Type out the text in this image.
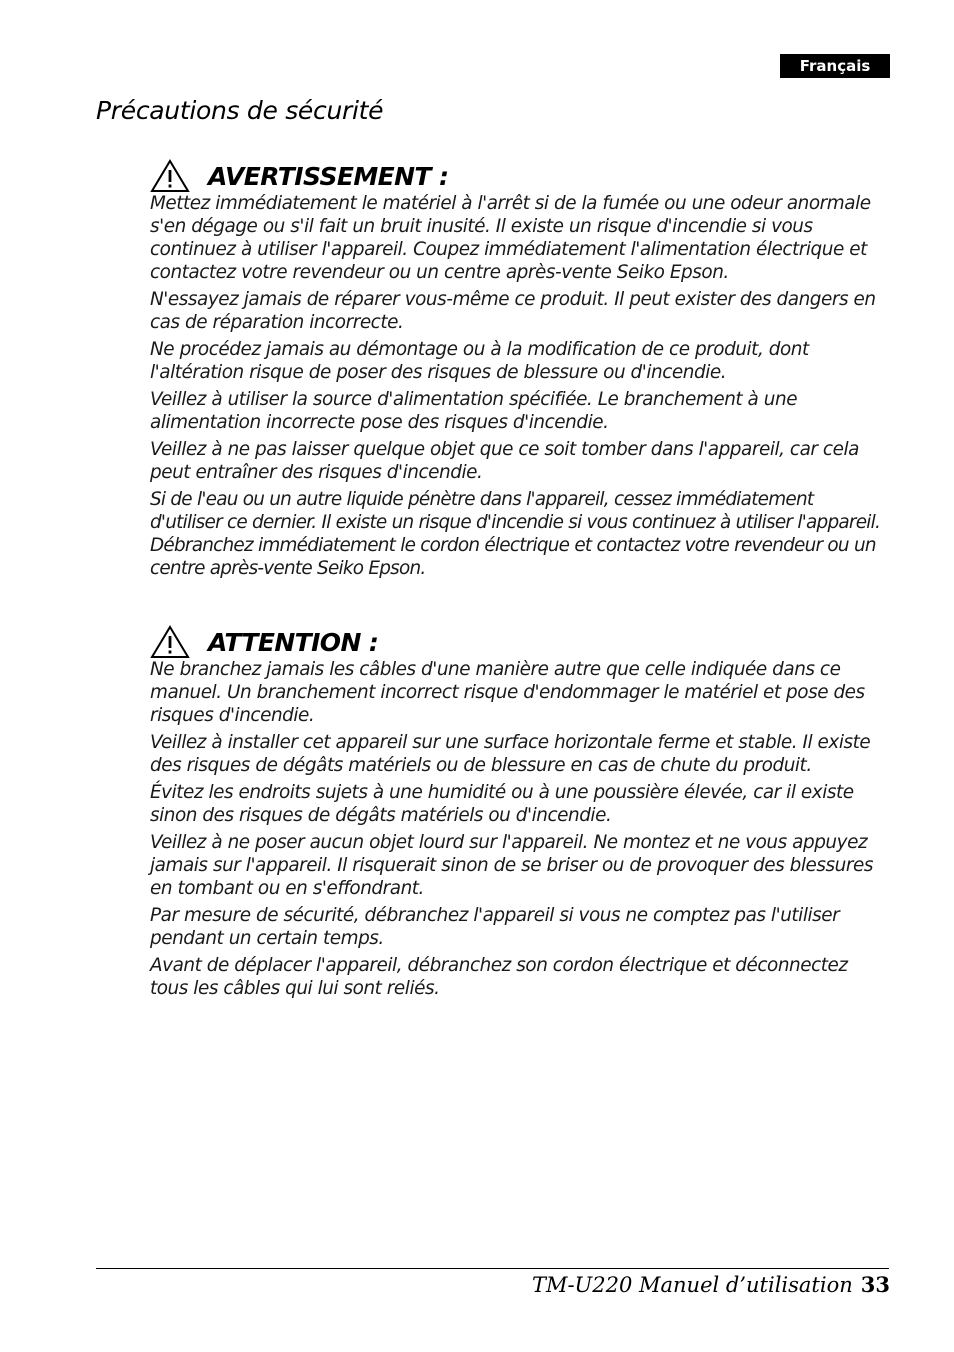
Français
Précautions de sécurité
AVERTISSEMENT :

Mettez immédiatement le matériel à l'arrêt si de la fumée ou une odeur anormale s'en dégage ou s'il fait un bruit inusité. Il existe un risque d'incendie si vous continuez à utiliser l'appareil. Coupez immédiatement l'alimentation électrique et contactez votre revendeur ou un centre après-vente Seiko Epson.

N'essayez jamais de réparer vous-même ce produit. Il peut exister des dangers en cas de réparation incorrecte.

Ne procédez jamais au démontage ou à la modification de ce produit, dont l'altération risque de poser des risques de blessure ou d'incendie.

Veillez à utiliser la source d'alimentation spécifiée. Le branchement à une alimentation incorrecte pose des risques d'incendie.

Veillez à ne pas laisser quelque objet que ce soit tomber dans l'appareil, car cela peut entraîner des risques d'incendie.

Si de l'eau ou un autre liquide pénètre dans l'appareil, cessez immédiatement d'utiliser ce dernier. Il existe un risque d'incendie si vous continuez à utiliser l'appareil. Débranchez immédiatement le cordon électrique et contactez votre revendeur ou un centre après-vente Seiko Epson.

ATTENTION :

Ne branchez jamais les câbles d'une manière autre que celle indiquée dans ce manuel. Un branchement incorrect risque d'endommager le matériel et pose des risques d'incendie.

Veillez à installer cet appareil sur une surface horizontale ferme et stable. Il existe des risques de dégâts matériels ou de blessure en cas de chute du produit.

Évitez les endroits sujets à une humidité ou à une poussière élevée, car il existe sinon des risques de dégâts matériels ou d'incendie.

Veillez à ne poser aucun objet lourd sur l'appareil. Ne montez et ne vous appuyez jamais sur l'appareil. Il risquerait sinon de se briser ou de provoquer des blessures en tombant ou en s'effondrant.

Par mesure de sécurité, débranchez l'appareil si vous ne comptez pas l'utiliser pendant un certain temps.

Avant de déplacer l'appareil, débranchez son cordon électrique et déconnectez tous les câbles qui lui sont reliés.

TM-U220 Manuel d’utilisation 33
